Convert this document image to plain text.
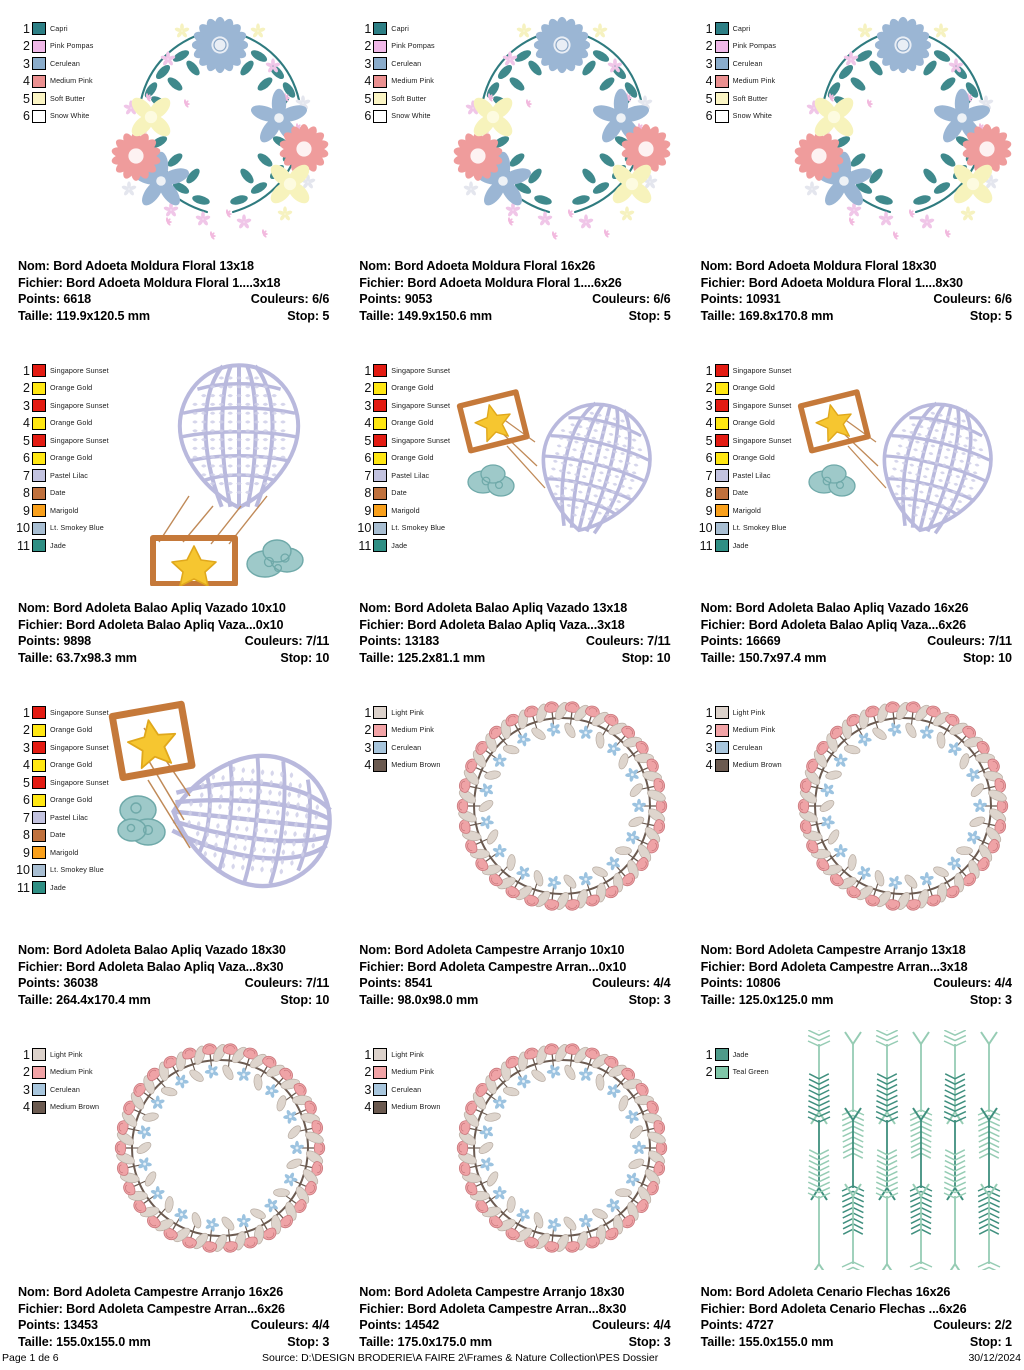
1	Capri
2	Pink Pompas
3	Cerulean
4	Medium Pink
5	Soft Butter
6	Snow White
Nom: Bord Adoeta Moldura Floral 13x18
Fichier: Bord Adoeta Moldura Floral 1....3x18
Points: 6618	Couleurs: 6/6
Taille: 119.9x120.5 mm	Stop: 5
1	Capri
2	Pink Pompas
3	Cerulean
4	Medium Pink
5	Soft Butter
6	Snow White
Nom: Bord Adoeta Moldura Floral 16x26
Fichier: Bord Adoeta Moldura Floral 1....6x26
Points: 9053	Couleurs: 6/6
Taille: 149.9x150.6 mm	Stop: 5
1	Capri
2	Pink Pompas
3	Cerulean
4	Medium Pink
5	Soft Butter
6	Snow White
Nom: Bord Adoeta Moldura Floral 18x30
Fichier: Bord Adoeta Moldura Floral 1....8x30
Points: 10931	Couleurs: 6/6
Taille: 169.8x170.8 mm	Stop: 5
1	Singapore Sunset
2	Orange Gold
3	Singapore Sunset
4	Orange Gold
5	Singapore Sunset
6	Orange Gold
7	Pastel Lilac
8	Date
9	Marigold
10	Lt. Smokey Blue
11	Jade
Nom: Bord Adoleta Balao Apliq Vazado 10x10
Fichier: Bord Adoleta Balao Apliq Vaza...0x10
Points: 9898	Couleurs: 7/11
Taille: 63.7x98.3 mm	Stop: 10
1	Singapore Sunset
2	Orange Gold
3	Singapore Sunset
4	Orange Gold
5	Singapore Sunset
6	Orange Gold
7	Pastel Lilac
8	Date
9	Marigold
10	Lt. Smokey Blue
11	Jade
Nom: Bord Adoleta Balao Apliq Vazado 13x18
Fichier: Bord Adoleta Balao Apliq Vaza...3x18
Points: 13183	Couleurs: 7/11
Taille: 125.2x81.1 mm	Stop: 10
1	Singapore Sunset
2	Orange Gold
3	Singapore Sunset
4	Orange Gold
5	Singapore Sunset
6	Orange Gold
7	Pastel Lilac
8	Date
9	Marigold
10	Lt. Smokey Blue
11	Jade
Nom: Bord Adoleta Balao Apliq Vazado 16x26
Fichier: Bord Adoleta Balao Apliq Vaza...6x26
Points: 16669	Couleurs: 7/11
Taille: 150.7x97.4 mm	Stop: 10
1	Singapore Sunset
2	Orange Gold
3	Singapore Sunset
4	Orange Gold
5	Singapore Sunset
6	Orange Gold
7	Pastel Lilac
8	Date
9	Marigold
10	Lt. Smokey Blue
11	Jade
Nom: Bord Adoleta Balao Apliq Vazado 18x30
Fichier: Bord Adoleta Balao Apliq Vaza...8x30
Points: 36038	Couleurs: 7/11
Taille: 264.4x170.4 mm	Stop: 10
1	Light Pink
2	Medium Pink
3	Cerulean
4	Medium Brown
Nom: Bord Adoleta Campestre Arranjo 10x10
Fichier: Bord Adoleta Campestre Arran...0x10
Points: 8541	Couleurs: 4/4
Taille: 98.0x98.0 mm	Stop: 3
1	Light Pink
2	Medium Pink
3	Cerulean
4	Medium Brown
Nom: Bord Adoleta Campestre Arranjo 13x18
Fichier: Bord Adoleta Campestre Arran...3x18
Points: 10806	Couleurs: 4/4
Taille: 125.0x125.0 mm	Stop: 3
1	Light Pink
2	Medium Pink
3	Cerulean
4	Medium Brown
Nom: Bord Adoleta Campestre Arranjo 16x26
Fichier: Bord Adoleta Campestre Arran...6x26
Points: 13453	Couleurs: 4/4
Taille: 155.0x155.0 mm	Stop: 3
1	Light Pink
2	Medium Pink
3	Cerulean
4	Medium Brown
Nom: Bord Adoleta Campestre Arranjo 18x30
Fichier: Bord Adoleta Campestre Arran...8x30
Points: 14542	Couleurs: 4/4
Taille: 175.0x175.0 mm	Stop: 3
1	Jade
2	Teal Green
Nom: Bord Adoleta Cenario Flechas 16x26
Fichier: Bord Adoleta Cenario Flechas ...6x26
Points: 4727	Couleurs: 2/2
Taille: 155.0x155.0 mm	Stop: 1
Page 1 de 6	Source: D:\DESIGN BRODERIE\A FAIRE 2\Frames & Nature Collection\PES Dossier	30/12/2024
